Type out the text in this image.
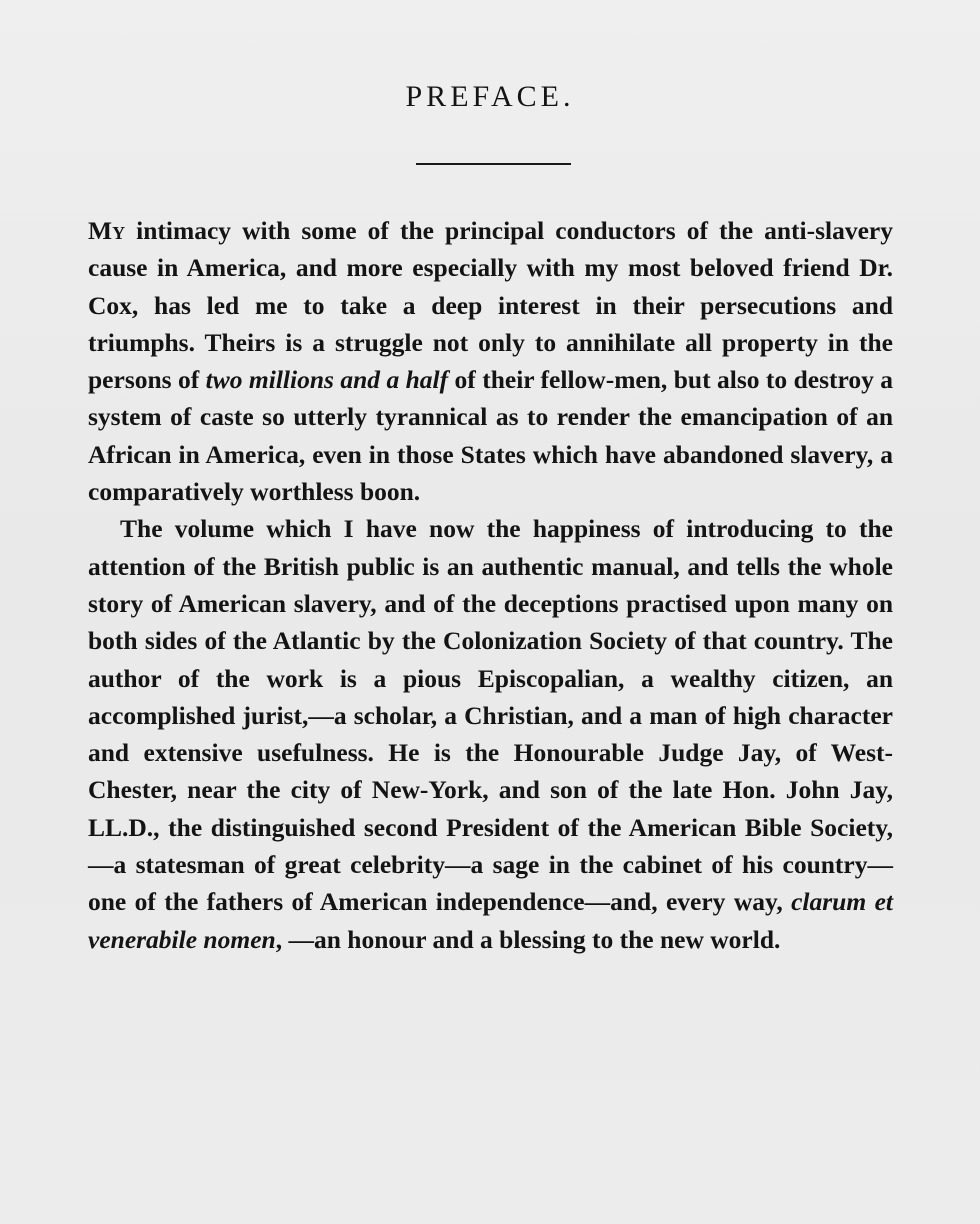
PREFACE.

My intimacy with some of the principal conductors of the anti-slavery cause in America, and more especially with my most beloved friend Dr. Cox, has led me to take a deep interest in their persecutions and triumphs. Theirs is a struggle not only to annihilate all property in the persons of two millions and a half of their fellow-men, but also to destroy a system of caste so utterly tyrannical as to render the emancipation of an African in America, even in those States which have abandoned slavery, a comparatively worthless boon.

The volume which I have now the happiness of introducing to the attention of the British public is an authentic manual, and tells the whole story of American slavery, and of the deceptions practised upon many on both sides of the Atlantic by the Colonization Society of that country. The author of the work is a pious Episcopalian, a wealthy citizen, an accomplished jurist,—a scholar, a Christian, and a man of high character and extensive usefulness. He is the Honourable Judge Jay, of West-Chester, near the city of New-York, and son of the late Hon. John Jay, LL.D., the distinguished second President of the American Bible Society,—a statesman of great celebrity—a sage in the cabinet of his country—one of the fathers of American independence—and, every way, clarum et venerabile nomen, —an honour and a blessing to the new world.
